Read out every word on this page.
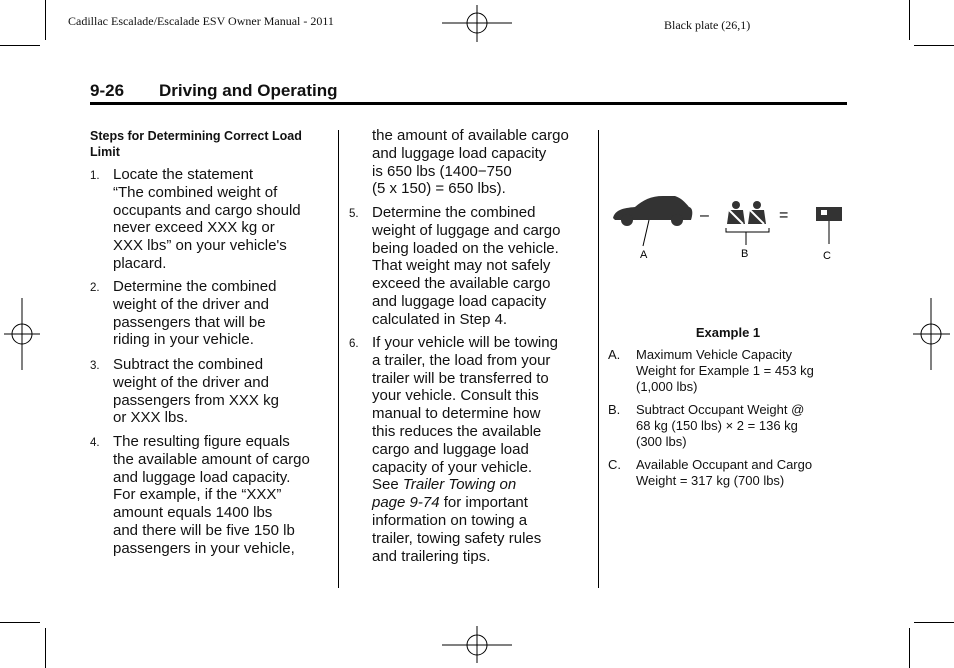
Cadillac Escalade/Escalade ESV Owner Manual - 2011	Black plate (26,1)
9-26 Driving and Operating
Steps for Determining Correct Load Limit
1. Locate the statement
“The combined weight of
occupants and cargo should
never exceed XXX kg or
XXX lbs” on your vehicle's
placard.
2. Determine the combined
weight of the driver and
passengers that will be
riding in your vehicle.
3. Subtract the combined
weight of the driver and
passengers from XXX kg
or XXX lbs.
4. The resulting figure equals
the available amount of cargo
and luggage load capacity.
For example, if the “XXX”
amount equals 1400 lbs
and there will be five 150 lb
passengers in your vehicle,
the amount of available cargo
and luggage load capacity
is 650 lbs (1400−750
(5 x 150) = 650 lbs).
5. Determine the combined
weight of luggage and cargo
being loaded on the vehicle.
That weight may not safely
exceed the available cargo
and luggage load capacity
calculated in Step 4.
6. If your vehicle will be towing
a trailer, the load from your
trailer will be transferred to
your vehicle. Consult this
manual to determine how
this reduces the available
cargo and luggage load
capacity of your vehicle.
See Trailer Towing on
page 9‑74 for important
information on towing a
trailer, towing safety rules
and trailering tips.
–	=
A	B	C
Example 1
A. Maximum Vehicle Capacity
Weight for Example 1 = 453 kg
(1,000 lbs)
B. Subtract Occupant Weight @
68 kg (150 lbs) × 2 = 136 kg
(300 lbs)
C. Available Occupant and Cargo
Weight = 317 kg (700 lbs)
